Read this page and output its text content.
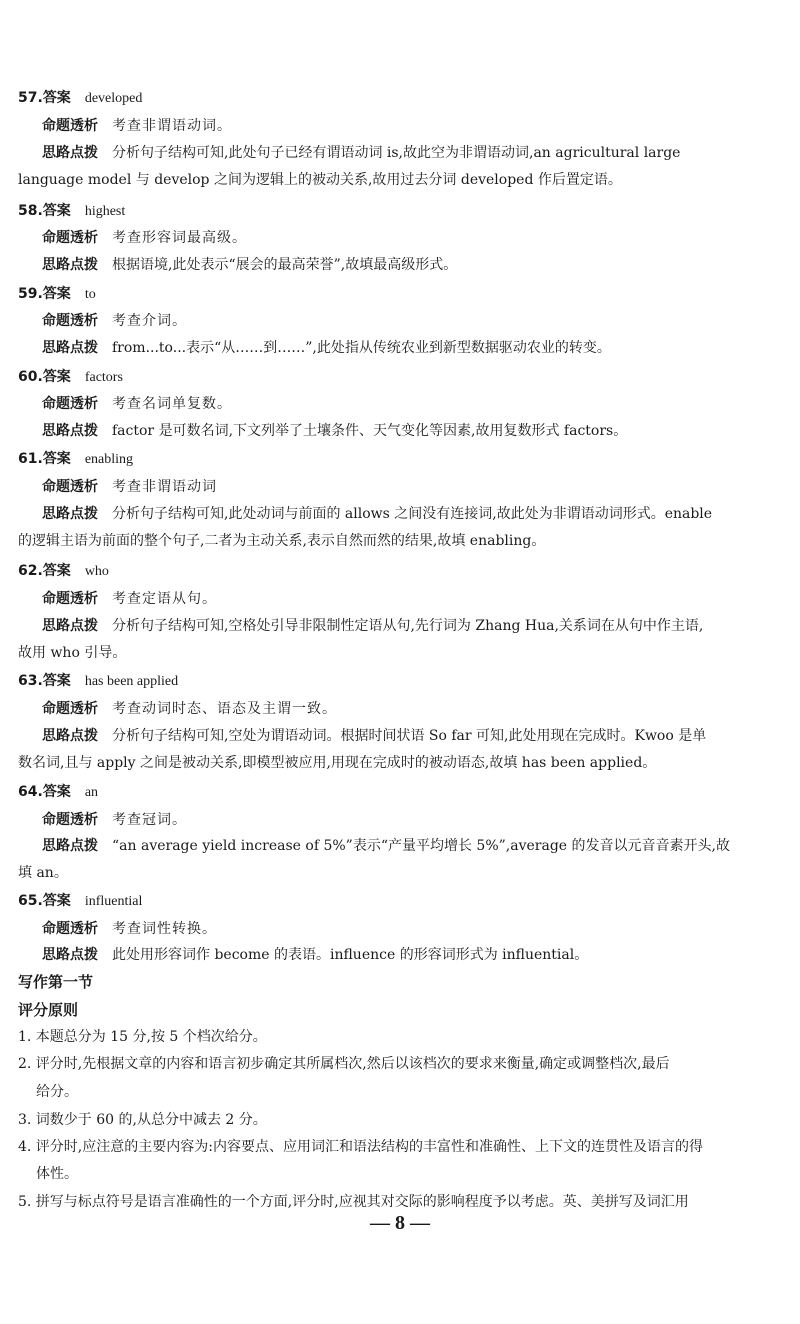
57.答案 developed
命题透析 考查非谓语动词。
思路点拨 分析句子结构可知,此处句子已经有谓语动词 is,故此空为非谓语动词,an agricultural large
language model 与 develop 之间为逻辑上的被动关系,故用过去分词 developed 作后置定语。
58.答案 highest
命题透析 考查形容词最高级。
思路点拨 根据语境,此处表示“展会的最高荣誉”,故填最高级形式。
59.答案 to
命题透析 考查介词。
思路点拨 from...to...表示“从……到……”,此处指从传统农业到新型数据驱动农业的转变。
60.答案 factors
命题透析 考查名词单复数。
思路点拨 factor 是可数名词,下文列举了土壤条件、天气变化等因素,故用复数形式 factors。
61.答案 enabling
命题透析 考查非谓语动词
思路点拨 分析句子结构可知,此处动词与前面的 allows 之间没有连接词,故此处为非谓语动词形式。enable
的逻辑主语为前面的整个句子,二者为主动关系,表示自然而然的结果,故填 enabling。
62.答案 who
命题透析 考查定语从句。
思路点拨 分析句子结构可知,空格处引导非限制性定语从句,先行词为 Zhang Hua,关系词在从句中作主语,
故用 who 引导。
63.答案 has been applied
命题透析 考查动词时态、语态及主谓一致。
思路点拨 分析句子结构可知,空处为谓语动词。根据时间状语 So far 可知,此处用现在完成时。Kwoo 是单
数名词,且与 apply 之间是被动关系,即模型被应用,用现在完成时的被动语态,故填 has been applied。
64.答案 an
命题透析 考查冠词。
思路点拨 “an average yield increase of 5%”表示“产量平均增长 5%”,average 的发音以元音音素开头,故
填 an。
65.答案 influential
命题透析 考查词性转换。
思路点拨 此处用形容词作 become 的表语。influence 的形容词形式为 influential。
写作第一节
评分原则
1. 本题总分为 15 分,按 5 个档次给分。
2. 评分时,先根据文章的内容和语言初步确定其所属档次,然后以该档次的要求来衡量,确定或调整档次,最后
给分。
3. 词数少于 60 的,从总分中减去 2 分。
4. 评分时,应注意的主要内容为:内容要点、应用词汇和语法结构的丰富性和准确性、上下文的连贯性及语言的得
体性。
5. 拼写与标点符号是语言准确性的一个方面,评分时,应视其对交际的影响程度予以考虑。英、美拼写及词汇用
— 8 —
